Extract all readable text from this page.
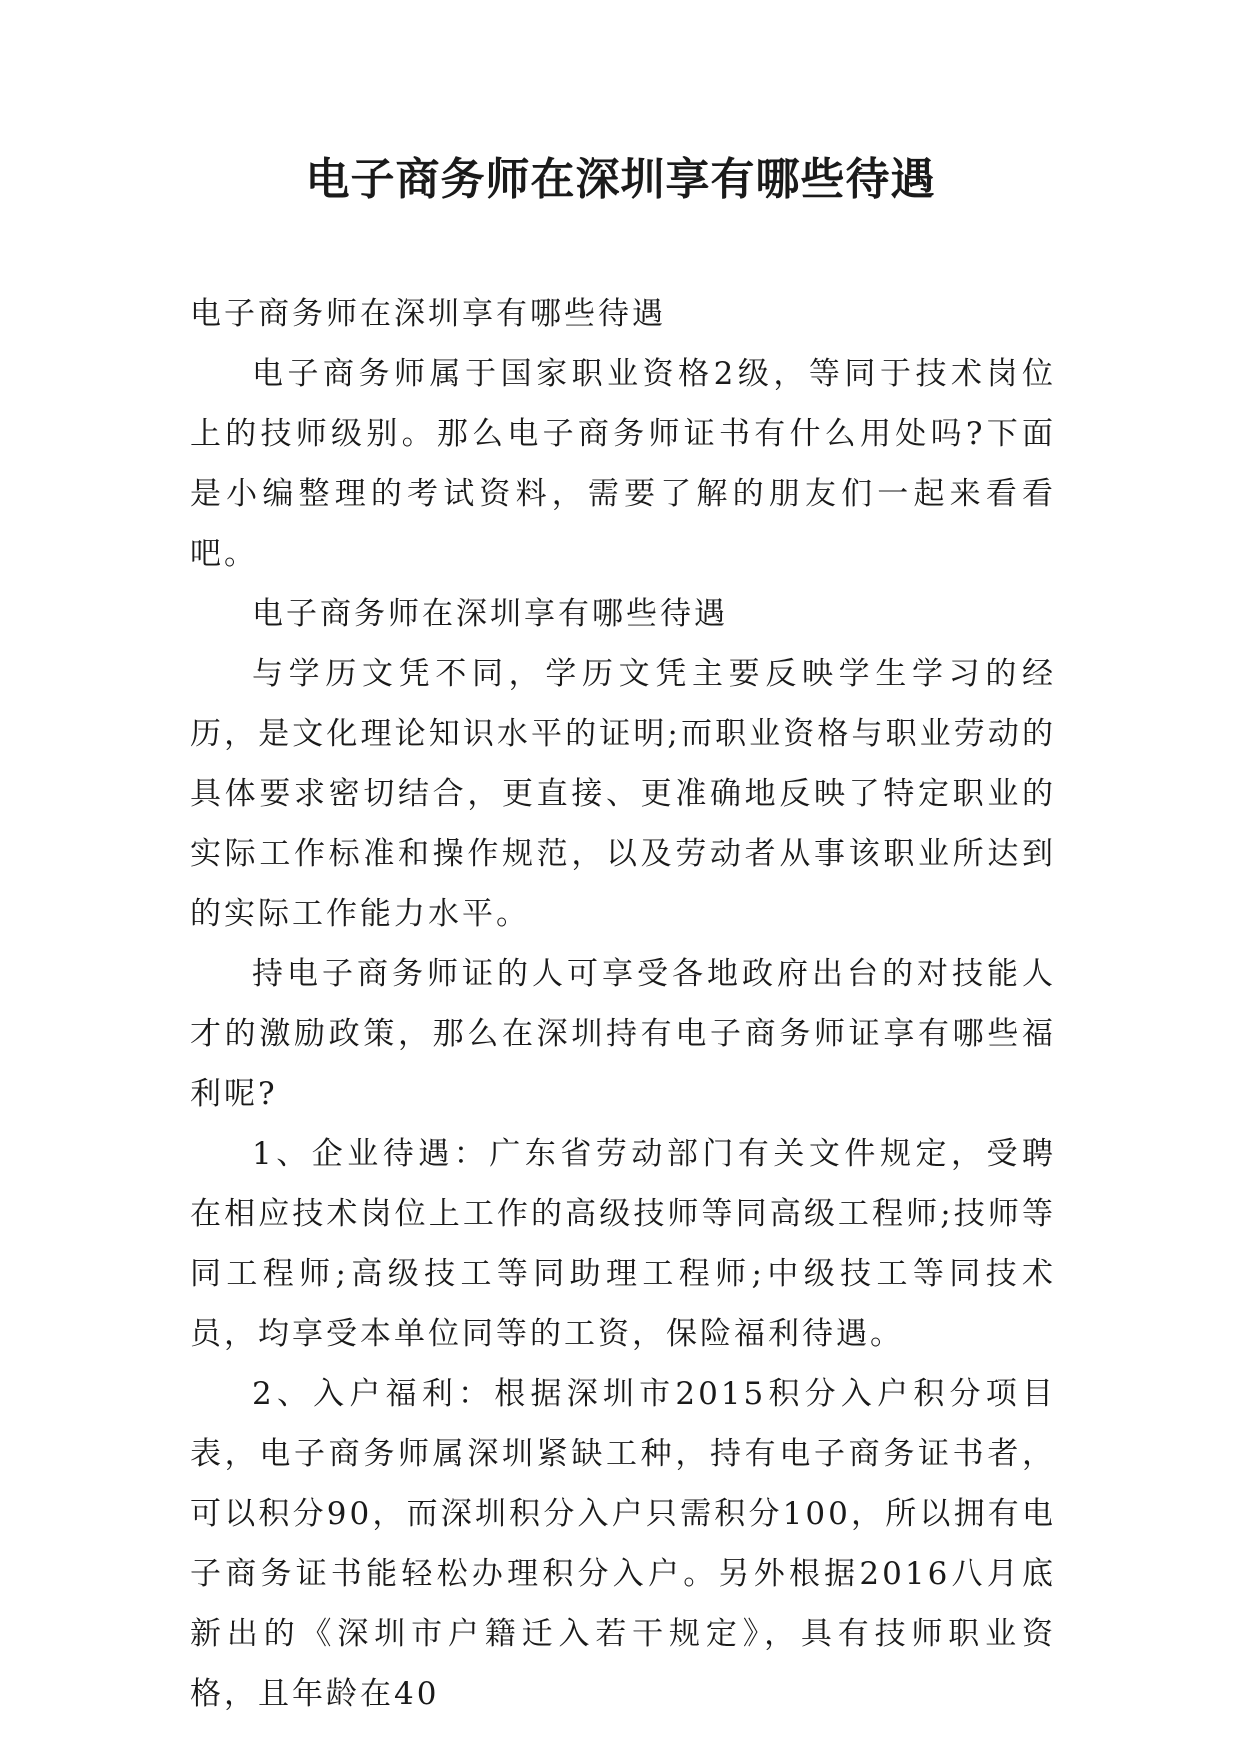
电子商务师在深圳享有哪些待遇

电子商务师在深圳享有哪些待遇

电子商务师属于国家职业资格2级，等同于技术岗位上的技师级别。那么电子商务师证书有什么用处吗?下面是小编整理的考试资料，需要了解的朋友们一起来看看吧。

电子商务师在深圳享有哪些待遇

与学历文凭不同，学历文凭主要反映学生学习的经历，是文化理论知识水平的证明;而职业资格与职业劳动的具体要求密切结合，更直接、更准确地反映了特定职业的实际工作标准和操作规范，以及劳动者从事该职业所达到的实际工作能力水平。

持电子商务师证的人可享受各地政府出台的对技能人才的激励政策，那么在深圳持有电子商务师证享有哪些福利呢?

1、企业待遇：广东省劳动部门有关文件规定，受聘在相应技术岗位上工作的高级技师等同高级工程师;技师等同工程师;高级技工等同助理工程师;中级技工等同技术员，均享受本单位同等的工资，保险福利待遇。

2、入户福利：根据深圳市2015积分入户积分项目表，电子商务师属深圳紧缺工种，持有电子商务证书者，可以积分90，而深圳积分入户只需积分100，所以拥有电子商务证书能轻松办理积分入户。另外根据2016八月底新出的《深圳市户籍迁入若干规定》，具有技师职业资格，且年龄在40
